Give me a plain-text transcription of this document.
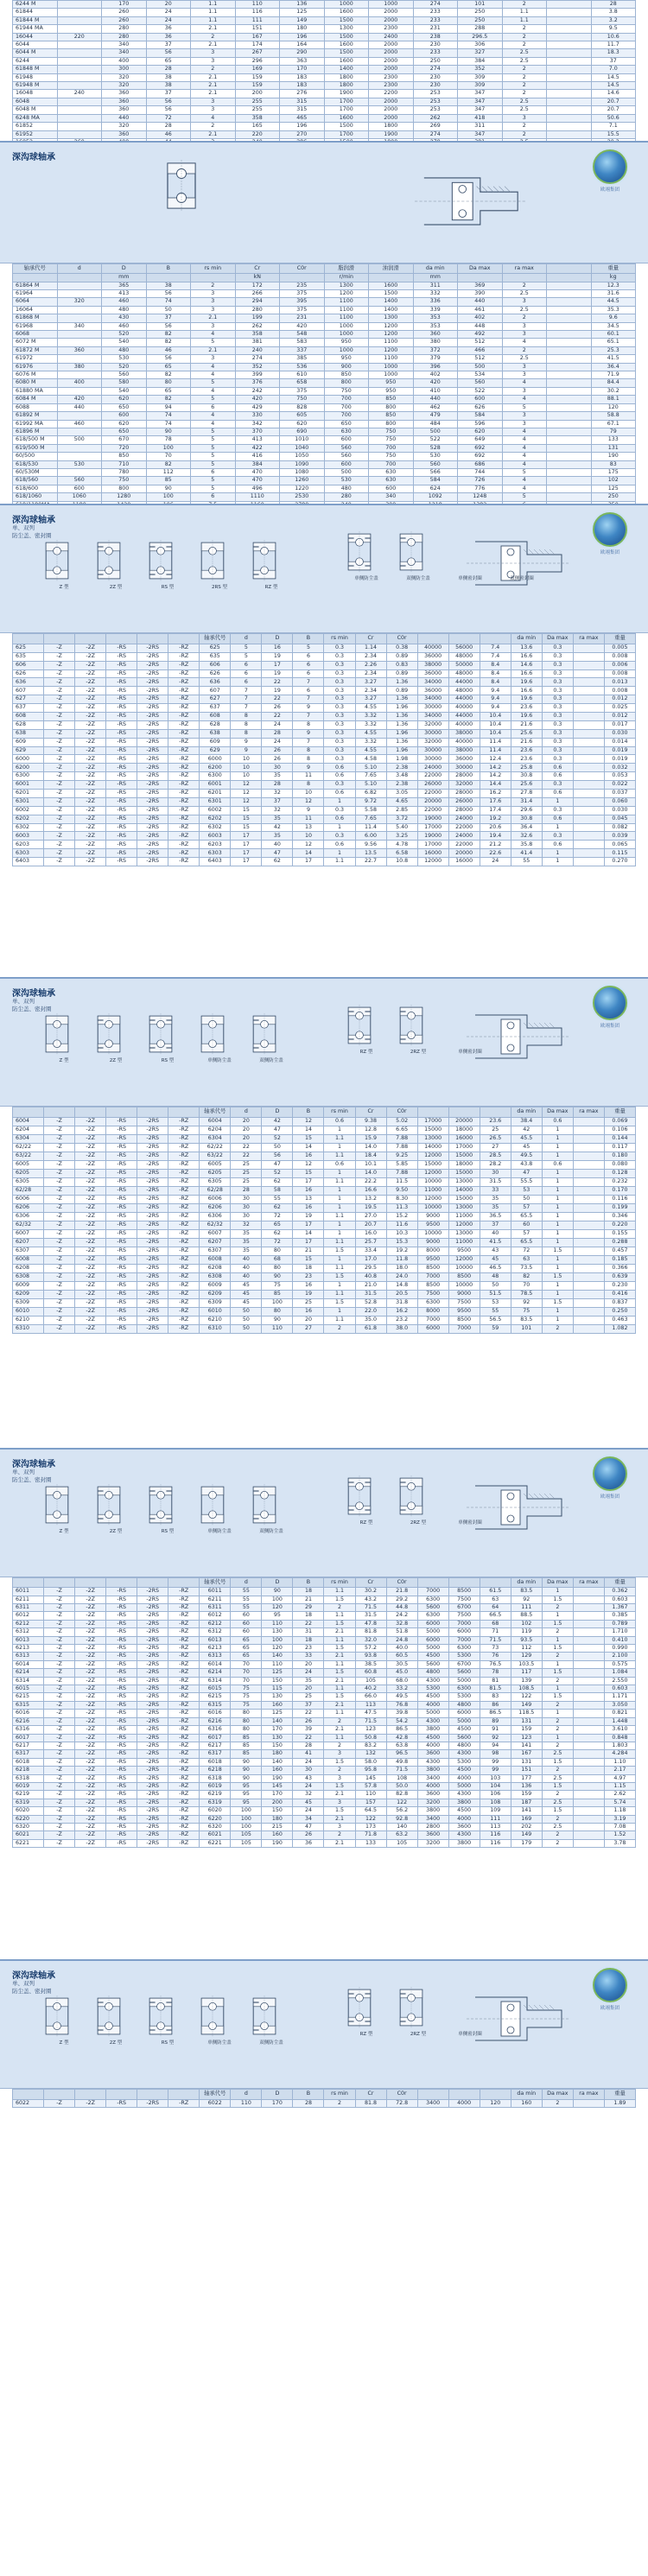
6244 M		170	20	1.1	110	136	1000	1000	274	101	2		28
61844		260	24	1.1	116	125	1600	2000	233	250	1.1		3.8
61844 M		260	24	1.1	111	149	1500	2000	233	250	1.1		3.2
61944 MA		280	36	2.1	151	180	1300	2300	231	288	2		9.5
16044	220	280	36	2	167	196	1500	2400	238	296.5	2		10.6
6044		340	37	2.1	174	164	1600	2000	230	306	2		11.7
6044 M		340	56	3	267	290	1500	2000	233	327	2.5		18.3
6244		400	65	3	296	363	1600	2000	250	384	2.5		37
61848 M		300	28	2	169	170	1400	2000	274	352	2		7.0
61948		320	38	2.1	159	183	1800	2300	230	309	2		14.5
61948 M		320	38	2.1	159	183	1800	2300	230	309	2		14.5
16048	240	360	37	2.1	200	276	1900	2200	253	347	2		14.6
6048		360	56	3	255	315	1700	2000	253	347	2.5		20.7
6048 M		360	56	3	255	315	1700	2000	253	347	2.5		20.7
6248 MA		440	72	4	358	465	1600	2000	262	418	3		50.6
61852		320	28	2	165	196	1500	1800	269	311	2		7.1
61952		360	46	2.1	220	270	1700	1900	274	347	2		15.5

深沟球轴承
欧翊集团
轴承代号	d	D	B	rs min	Cr	C0r	脂润滑	油润滑	da min	Da max	ra max		重量
		mm			kN		r/min		mm				kg
61864 M		365	38	2	172	235	1300	1600	311	369	2		12.3
61964		413	56	3	266	375	1200	1500	332	390	2.5		31.6
6064	320	460	74	3	294	395	1100	1400	336	440	3		44.5
16064		480	50	3	280	375	1100	1400	339	461	2.5		35.3
61868 M		430	37	2.1	199	231	1100	1300	353	402	2		9.6
61968	340	460	56	3	262	420	1000	1200	353	448	3		34.5
6068		520	82	4	358	548	1000	1200	360	492	3		60.1
6072 M		540	82	5	381	583	950	1100	380	512	4		65.1
61872 M	360	480	46	2.1	240	337	1000	1200	372	466	2		25.3
61972		530	56	3	274	385	950	1100	379	512	2.5		41.5
61976	380	520	65	4	352	536	900	1000	396	500	3		36.4
6076 M		560	82	4	399	610	850	1000	402	534	3		71.9
6080 M	400	580	80	5	376	658	800	950	420	560	4		84.4
61880 MA		540	65	4	242	375	750	950	410	522	3		30.2
6084 M	420	620	82	5	420	750	700	850	440	600	4		88.1
6088	440	650	94	6	429	828	700	800	462	626	5		120
61892 M		600	74	4	330	605	700	850	479	584	3		58.8
61992 MA	460	620	74	4	342	620	650	800	484	596	3		67.1
61896 M		650	90	5	370	690	630	750	500	620	4		79
618/500 M	500	670	78	5	413	1010	600	750	522	649	4		133
619/500 M		720	100	5	422	1040	560	700	528	692	4		131
60/500		850	70	5	416	1050	560	750	530	692	4		190
618/530	530	710	82	5	384	1090	600	700	560	686	4		83
60/530M		780	112	6	470	1080	500	630	566	744	5		175
618/560	560	750	85	5	470	1260	530	630	584	726	4		102
618/600	600	800	90	5	496	1220	480	600	624	776	4		125
618/1060	1060	1280	100	6	1110	2530	280	340	1092	1248	5		250

深沟球轴承
单、双列
防尘盖、密封圈
欧翊集团
Z 型	2Z 型	RS 型	2RS 型	RZ 型
单侧防尘盖	双侧防尘盖	单侧密封圈	双侧密封圈
						轴承代号	d	D	B	rs min	Cr	C0r				da min	Da max	ra max	重量
625	-Z	-2Z	-RS	-2RS	-RZ	625	5	16	5	0.3	1.14	0.38	40000	56000	7.4	13.6	0.3		0.005
635	-Z	-2Z	-RS	-2RS	-RZ	635	5	19	6	0.3	2.34	0.89	36000	48000	7.4	16.6	0.3		0.008
606	-Z	-2Z	-RS	-2RS	-RZ	606	6	17	6	0.3	2.26	0.83	38000	50000	8.4	14.6	0.3		0.006
626	-Z	-2Z	-RS	-2RS	-RZ	626	6	19	6	0.3	2.34	0.89	36000	48000	8.4	16.6	0.3		0.008
636	-Z	-2Z	-RS	-2RS	-RZ	636	6	22	7	0.3	3.27	1.36	34000	44000	8.4	19.6	0.3		0.013
607	-Z	-2Z	-RS	-2RS	-RZ	607	7	19	6	0.3	2.34	0.89	36000	48000	9.4	16.6	0.3		0.008
627	-Z	-2Z	-RS	-2RS	-RZ	627	7	22	7	0.3	3.27	1.36	34000	44000	9.4	19.6	0.3		0.012
637	-Z	-2Z	-RS	-2RS	-RZ	637	7	26	9	0.3	4.55	1.96	30000	40000	9.4	23.6	0.3		0.025
608	-Z	-2Z	-RS	-2RS	-RZ	608	8	22	7	0.3	3.32	1.36	34000	44000	10.4	19.6	0.3		0.012
628	-Z	-2Z	-RS	-2RS	-RZ	628	8	24	8	0.3	3.32	1.36	32000	40000	10.4	21.6	0.3		0.017
638	-Z	-2Z	-RS	-2RS	-RZ	638	8	28	9	0.3	4.55	1.96	30000	38000	10.4	25.6	0.3		0.030
609	-Z	-2Z	-RS	-2RS	-RZ	609	9	24	7	0.3	3.32	1.36	32000	40000	11.4	21.6	0.3		0.014
629	-Z	-2Z	-RS	-2RS	-RZ	629	9	26	8	0.3	4.55	1.96	30000	38000	11.4	23.6	0.3		0.019
6000	-Z	-2Z	-RS	-2RS	-RZ	6000	10	26	8	0.3	4.58	1.98	30000	36000	12.4	23.6	0.3		0.019
6200	-Z	-2Z	-RS	-2RS	-RZ	6200	10	30	9	0.6	5.10	2.38	24000	30000	14.2	25.8	0.6		0.032
6300	-Z	-2Z	-RS	-2RS	-RZ	6300	10	35	11	0.6	7.65	3.48	22000	28000	14.2	30.8	0.6		0.053
6001	-Z	-2Z	-RS	-2RS	-RZ	6001	12	28	8	0.3	5.10	2.38	26000	32000	14.4	25.6	0.3		0.022
6201	-Z	-2Z	-RS	-2RS	-RZ	6201	12	32	10	0.6	6.82	3.05	22000	28000	16.2	27.8	0.6		0.037
6301	-Z	-2Z	-RS	-2RS	-RZ	6301	12	37	12	1	9.72	4.65	20000	26000	17.6	31.4	1		0.060
6002	-Z	-2Z	-RS	-2RS	-RZ	6002	15	32	9	0.3	5.58	2.85	22000	28000	17.4	29.6	0.3		0.030
6202	-Z	-2Z	-RS	-2RS	-RZ	6202	15	35	11	0.6	7.65	3.72	19000	24000	19.2	30.8	0.6		0.045
6302	-Z	-2Z	-RS	-2RS	-RZ	6302	15	42	13	1	11.4	5.40	17000	22000	20.6	36.4	1		0.082
6003	-Z	-2Z	-RS	-2RS	-RZ	6003	17	35	10	0.3	6.00	3.25	19000	24000	19.4	32.6	0.3		0.039
6203	-Z	-2Z	-RS	-2RS	-RZ	6203	17	40	12	0.6	9.56	4.78	17000	22000	21.2	35.8	0.6		0.065
6303	-Z	-2Z	-RS	-2RS	-RZ	6303	17	47	14	1	13.5	6.58	16000	20000	22.6	41.4	1		0.115
6403	-Z	-2Z	-RS	-2RS	-RZ	6403	17	62	17	1.1	22.7	10.8	12000	16000	24	55	1		0.270
深沟球轴承
单、双列
防尘盖、密封圈
欧翊集团
Z 型	2Z 型	RS 型	单侧防尘盖	双侧防尘盖
RZ 型	2RZ 型	单侧密封圈
						轴承代号	d	D	B	rs min	Cr	C0r				da min	Da max	ra max	重量
6004	-Z	-2Z	-RS	-2RS	-RZ	6004	20	42	12	0.6	9.38	5.02	17000	20000	23.6	38.4	0.6		0.069
6204	-Z	-2Z	-RS	-2RS	-RZ	6204	20	47	14	1	12.8	6.65	15000	18000	25	42	1		0.106
6304	-Z	-2Z	-RS	-2RS	-RZ	6304	20	52	15	1.1	15.9	7.88	13000	16000	26.5	45.5	1		0.144
62/22	-Z	-2Z	-RS	-2RS	-RZ	62/22	22	50	14	1	14.0	7.88	14000	17000	27	45	1		0.117
63/22	-Z	-2Z	-RS	-2RS	-RZ	63/22	22	56	16	1.1	18.4	9.25	12000	15000	28.5	49.5	1		0.180
6005	-Z	-2Z	-RS	-2RS	-RZ	6005	25	47	12	0.6	10.1	5.85	15000	18000	28.2	43.8	0.6		0.080
6205	-Z	-2Z	-RS	-2RS	-RZ	6205	25	52	15	1	14.0	7.88	12000	15000	30	47	1		0.128
6305	-Z	-2Z	-RS	-2RS	-RZ	6305	25	62	17	1.1	22.2	11.5	10000	13000	31.5	55.5	1		0.232
62/28	-Z	-2Z	-RS	-2RS	-RZ	62/28	28	58	16	1	16.6	9.50	11000	14000	33	53	1		0.170
6006	-Z	-2Z	-RS	-2RS	-RZ	6006	30	55	13	1	13.2	8.30	12000	15000	35	50	1		0.116
6206	-Z	-2Z	-RS	-2RS	-RZ	6206	30	62	16	1	19.5	11.3	10000	13000	35	57	1		0.199
6306	-Z	-2Z	-RS	-2RS	-RZ	6306	30	72	19	1.1	27.0	15.2	9000	11000	36.5	65.5	1		0.346
62/32	-Z	-2Z	-RS	-2RS	-RZ	62/32	32	65	17	1	20.7	11.6	9500	12000	37	60	1		0.220
6007	-Z	-2Z	-RS	-2RS	-RZ	6007	35	62	14	1	16.0	10.3	10000	13000	40	57	1		0.155
6207	-Z	-2Z	-RS	-2RS	-RZ	6207	35	72	17	1.1	25.7	15.3	9000	11000	41.5	65.5	1		0.288
6307	-Z	-2Z	-RS	-2RS	-RZ	6307	35	80	21	1.5	33.4	19.2	8000	9500	43	72	1.5		0.457
6008	-Z	-2Z	-RS	-2RS	-RZ	6008	40	68	15	1	17.0	11.8	9500	12000	45	63	1		0.185
6208	-Z	-2Z	-RS	-2RS	-RZ	6208	40	80	18	1.1	29.5	18.0	8500	10000	46.5	73.5	1		0.366
6308	-Z	-2Z	-RS	-2RS	-RZ	6308	40	90	23	1.5	40.8	24.0	7000	8500	48	82	1.5		0.639
6009	-Z	-2Z	-RS	-2RS	-RZ	6009	45	75	16	1	21.0	14.8	8500	10000	50	70	1		0.230
6209	-Z	-2Z	-RS	-2RS	-RZ	6209	45	85	19	1.1	31.5	20.5	7500	9000	51.5	78.5	1		0.416
6309	-Z	-2Z	-RS	-2RS	-RZ	6309	45	100	25	1.5	52.8	31.8	6300	7500	53	92	1.5		0.837
6010	-Z	-2Z	-RS	-2RS	-RZ	6010	50	80	16	1	22.0	16.2	8000	9500	55	75	1		0.250
6210	-Z	-2Z	-RS	-2RS	-RZ	6210	50	90	20	1.1	35.0	23.2	7000	8500	56.5	83.5	1		0.463
6310	-Z	-2Z	-RS	-2RS	-RZ	6310	50	110	27	2	61.8	38.0	6000	7000	59	101	2		1.082
深沟球轴承
单、双列
防尘盖、密封圈
欧翊集团
Z 型	2Z 型	RS 型	单侧防尘盖	双侧防尘盖
RZ 型	2RZ 型	单侧密封圈
						轴承代号	d	D	B	rs min	Cr	C0r				da min	Da max	ra max	重量
6011	-Z	-2Z	-RS	-2RS	-RZ	6011	55	90	18	1.1	30.2	21.8	7000	8500	61.5	83.5	1		0.362
6211	-Z	-2Z	-RS	-2RS	-RZ	6211	55	100	21	1.5	43.2	29.2	6300	7500	63	92	1.5		0.603
6311	-Z	-2Z	-RS	-2RS	-RZ	6311	55	120	29	2	71.5	44.8	5600	6700	64	111	2		1.367
6012	-Z	-2Z	-RS	-2RS	-RZ	6012	60	95	18	1.1	31.5	24.2	6300	7500	66.5	88.5	1		0.385
6212	-Z	-2Z	-RS	-2RS	-RZ	6212	60	110	22	1.5	47.8	32.8	6000	7000	68	102	1.5		0.789
6312	-Z	-2Z	-RS	-2RS	-RZ	6312	60	130	31	2.1	81.8	51.8	5000	6000	71	119	2		1.710
6013	-Z	-2Z	-RS	-2RS	-RZ	6013	65	100	18	1.1	32.0	24.8	6000	7000	71.5	93.5	1		0.410
6213	-Z	-2Z	-RS	-2RS	-RZ	6213	65	120	23	1.5	57.2	40.0	5000	6300	73	112	1.5		0.990
6313	-Z	-2Z	-RS	-2RS	-RZ	6313	65	140	33	2.1	93.8	60.5	4500	5300	76	129	2		2.100
6014	-Z	-2Z	-RS	-2RS	-RZ	6014	70	110	20	1.1	38.5	30.5	5600	6700	76.5	103.5	1		0.575
6214	-Z	-2Z	-RS	-2RS	-RZ	6214	70	125	24	1.5	60.8	45.0	4800	5600	78	117	1.5		1.084
6314	-Z	-2Z	-RS	-2RS	-RZ	6314	70	150	35	2.1	105	68.0	4300	5000	81	139	2		2.550
6015	-Z	-2Z	-RS	-2RS	-RZ	6015	75	115	20	1.1	40.2	33.2	5300	6300	81.5	108.5	1		0.603
6215	-Z	-2Z	-RS	-2RS	-RZ	6215	75	130	25	1.5	66.0	49.5	4500	5300	83	122	1.5		1.171
6315	-Z	-2Z	-RS	-2RS	-RZ	6315	75	160	37	2.1	113	76.8	4000	4800	86	149	2		3.050
6016	-Z	-2Z	-RS	-2RS	-RZ	6016	80	125	22	1.1	47.5	39.8	5000	6000	86.5	118.5	1		0.821
6216	-Z	-2Z	-RS	-2RS	-RZ	6216	80	140	26	2	71.5	54.2	4300	5000	89	131	2		1.448
6316	-Z	-2Z	-RS	-2RS	-RZ	6316	80	170	39	2.1	123	86.5	3800	4500	91	159	2		3.610
6017	-Z	-2Z	-RS	-2RS	-RZ	6017	85	130	22	1.1	50.8	42.8	4500	5600	92	123	1		0.848
6217	-Z	-2Z	-RS	-2RS	-RZ	6217	85	150	28	2	83.2	63.8	4000	4800	94	141	2		1.803
6317	-Z	-2Z	-RS	-2RS	-RZ	6317	85	180	41	3	132	96.5	3600	4300	98	167	2.5		4.284
6018	-Z	-2Z	-RS	-2RS	-RZ	6018	90	140	24	1.5	58.0	49.8	4300	5300	99	131	1.5		1.10
6218	-Z	-2Z	-RS	-2RS	-RZ	6218	90	160	30	2	95.8	71.5	3800	4500	99	151	2		2.17
6318	-Z	-2Z	-RS	-2RS	-RZ	6318	90	190	43	3	145	108	3400	4000	103	177	2.5		4.97
6019	-Z	-2Z	-RS	-2RS	-RZ	6019	95	145	24	1.5	57.8	50.0	4000	5000	104	136	1.5		1.15
6219	-Z	-2Z	-RS	-2RS	-RZ	6219	95	170	32	2.1	110	82.8	3600	4300	106	159	2		2.62
6319	-Z	-2Z	-RS	-2RS	-RZ	6319	95	200	45	3	157	122	3200	3800	108	187	2.5		5.74
6020	-Z	-2Z	-RS	-2RS	-RZ	6020	100	150	24	1.5	64.5	56.2	3800	4500	109	141	1.5		1.18
6220	-Z	-2Z	-RS	-2RS	-RZ	6220	100	180	34	2.1	122	92.8	3400	4000	111	169	2		3.19
6320	-Z	-2Z	-RS	-2RS	-RZ	6320	100	215	47	3	173	140	2800	3600	113	202	2.5		7.08
6021	-Z	-2Z	-RS	-2RS	-RZ	6021	105	160	26	2	71.8	63.2	3600	4300	116	149	2		1.52
6221	-Z	-2Z	-RS	-2RS	-RZ	6221	105	190	36	2.1	133	105	3200	3800	116	179	2		3.78
深沟球轴承
单、双列
防尘盖、密封圈
欧翊集团
Z 型	2Z 型	RS 型	单侧防尘盖	双侧防尘盖
RZ 型	2RZ 型	单侧密封圈
						轴承代号	d	D	B	rs min	Cr	C0r				da min	Da max	ra max	重量
6022	-Z	-2Z	-RS	-2RS	-RZ	6022	110	170	28	2	81.8	72.8	3400	4000	120	160	2		1.89
